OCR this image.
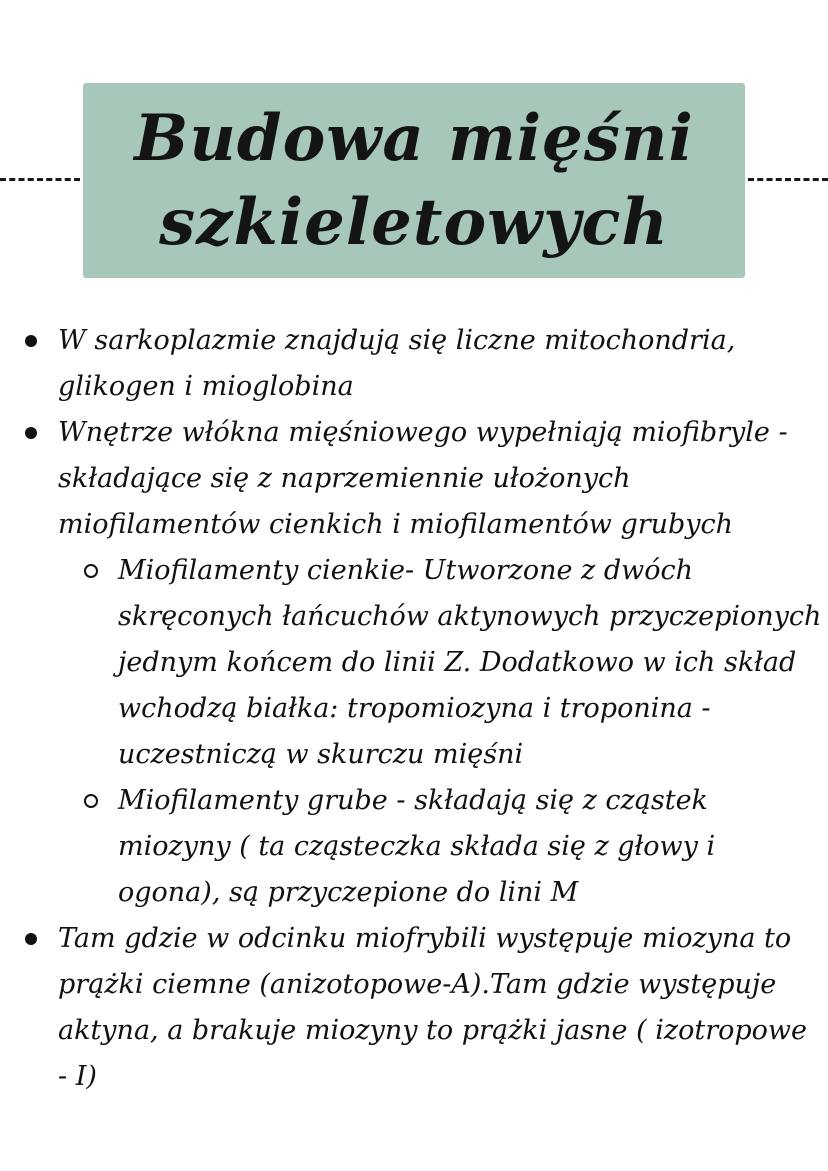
Budowa mięśni
szkieletowych
W sarkoplazmie znajdują się liczne mitochondria, glikogen i mioglobina
Wnętrze włókna mięśniowego wypełniają miofibryle - składające się z naprzemiennie ułożonych miofilamentów cienkich i miofilamentów grubych
Miofilamenty cienkie- Utworzone z dwóch skręconych łańcuchów aktynowych przyczepionych jednym końcem do linii Z. Dodatkowo w ich skład wchodzą białka: tropomiozyna i troponina - uczestniczą w skurczu mięśni
Miofilamenty grube - składają się z cząstek miozyny ( ta cząsteczka składa się z głowy i ogona), są przyczepione do lini M
Tam gdzie w odcinku miofrybili występuje miozyna to prążki ciemne (anizotopowe-A).Tam gdzie występuje aktyna, a brakuje miozyny to prążki jasne ( izotropowe - I)
